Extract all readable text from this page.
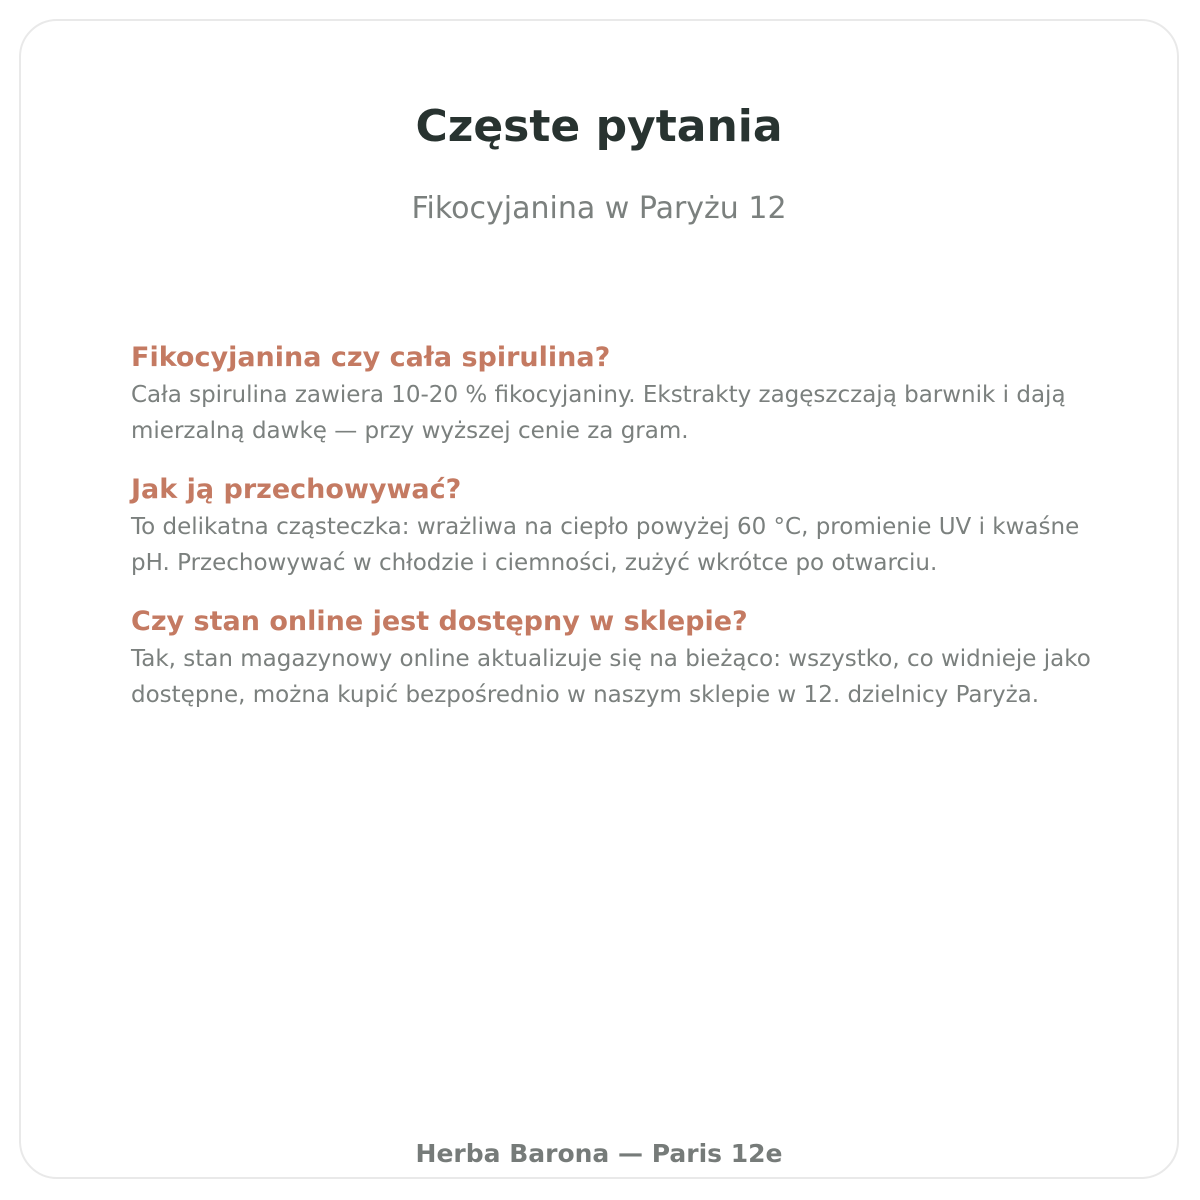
Częste pytania

Fikocyjanina w Paryżu 12

Fikocyjanina czy cała spirulina?

Cała spirulina zawiera 10-20 % fikocyjaniny. Ekstrakty zagęszczają barwnik i dają mierzalną dawkę — przy wyższej cenie za gram.

Jak ją przechowywać?

To delikatna cząsteczka: wrażliwa na ciepło powyżej 60 °C, promienie UV i kwaśne pH. Przechowywać w chłodzie i ciemności, zużyć wkrótce po otwarciu.

Czy stan online jest dostępny w sklepie?

Tak, stan magazynowy online aktualizuje się na bieżąco: wszystko, co widnieje jako dostępne, można kupić bezpośrednio w naszym sklepie w 12. dzielnicy Paryża.

Herba Barona — Paris 12e
